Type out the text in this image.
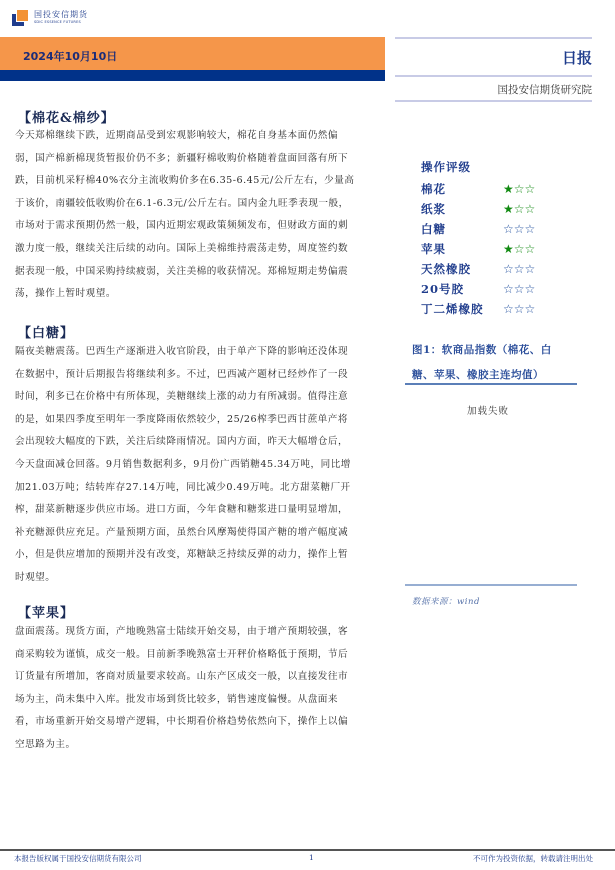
国投安信期货
SDIC ESSENCE FUTURES
2024年10月10日	日报
国投安信期货研究院
【棉花&棉纱】
今天郑棉继续下跌，近期商品受到宏观影响较大，棉花自身基本面仍然偏
弱，国产棉新棉现货暂报价仍不多；新疆籽棉收购价格随着盘面回落有所下
跌，目前机采籽棉40%衣分主流收购价多在6.35-6.45元/公斤左右，少量高
于该价，南疆较低收购价在6.1-6.3元/公斤左右。国内金九旺季表现一般，
市场对于需求预期仍然一般，国内近期宏观政策频频发布，但财政方面的刺
激力度一般，继续关注后续的动向。国际上美棉维持震荡走势，周度签约数
据表现一般，中国采购持续疲弱，关注美棉的收获情况。郑棉短期走势偏震
荡，操作上暂时观望。
【白糖】
隔夜美糖震荡。巴西生产逐渐进入收官阶段，由于单产下降的影响还没体现
在数据中，预计后期报告将继续利多。不过，巴西减产题材已经炒作了一段
时间，利多已在价格中有所体现，美糖继续上涨的动力有所减弱。值得注意
的是，如果四季度至明年一季度降雨依然较少，25/26榨季巴西甘蔗单产将
会出现较大幅度的下跌，关注后续降雨情况。国内方面，昨天大幅增仓后，
今天盘面减仓回落。9月销售数据利多，9月份广西销糖45.34万吨，同比增
加21.03万吨；结转库存27.14万吨，同比减少0.49万吨。北方甜菜糖厂开
榨，甜菜新糖逐步供应市场。进口方面，今年食糖和糖浆进口量明显增加，
补充糖源供应充足。产量预期方面，虽然台风摩羯使得国产糖的增产幅度减
小，但是供应增加的预期并没有改变，郑糖缺乏持续反弹的动力，操作上暂
时观望。
【苹果】
盘面震荡。现货方面，产地晚熟富士陆续开始交易，由于增产预期较强，客
商采购较为谨慎，成交一般。目前新季晚熟富士开秤价格略低于预期，节后
订货量有所增加，客商对质量要求较高。山东产区成交一般，以直接发往市
场为主，尚未集中入库。批发市场到货比较多，销售速度偏慢。从盘面来
看，市场重新开始交易增产逻辑，中长期看价格趋势依然向下，操作上以偏
空思路为主。
操作评级
棉花	★☆☆
纸浆	★☆☆
白糖	☆☆☆
苹果	★☆☆
天然橡胶	☆☆☆
20号胶	☆☆☆
丁二烯橡胶	☆☆☆
图1：软商品指数（棉花、白
糖、苹果、橡胶主连均值）
加载失败
数据来源：wind
本报告版权属于国投安信期货有限公司	1	不可作为投资依据，转载请注明出处
